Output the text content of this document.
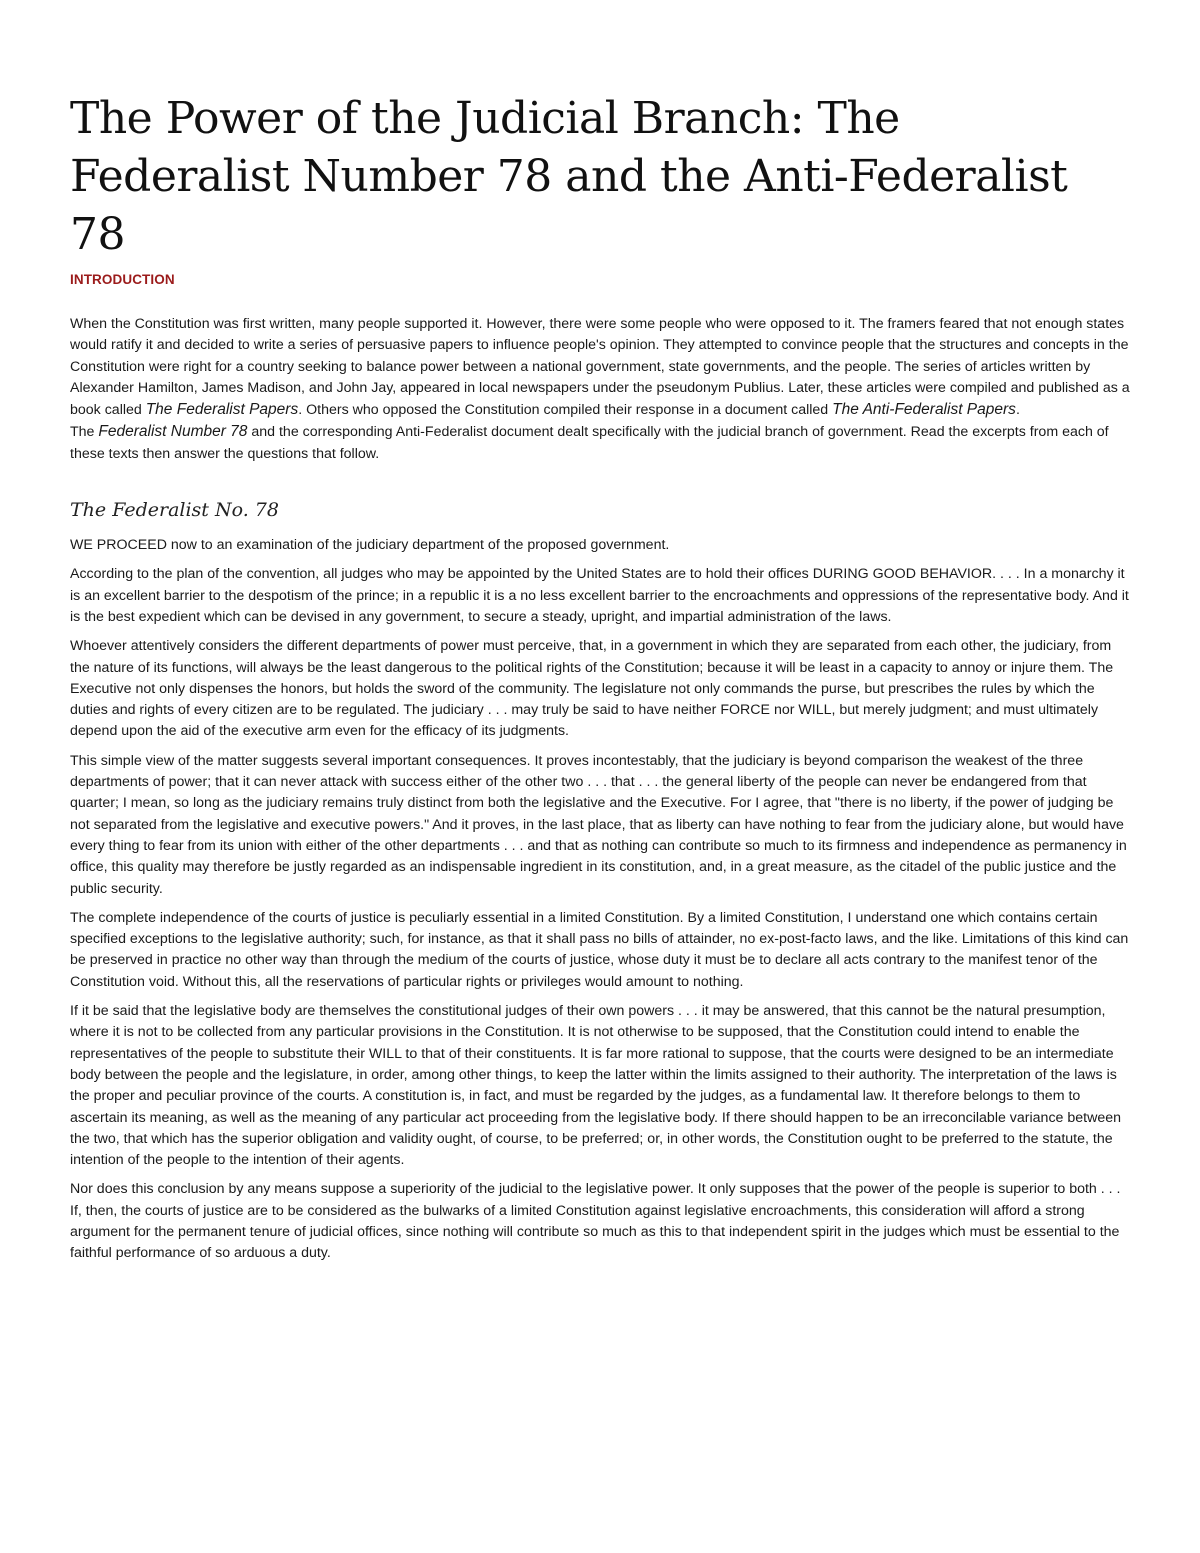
The Power of the Judicial Branch: The Federalist Number 78 and the Anti-Federalist 78
INTRODUCTION

When the Constitution was first written, many people supported it. However, there were some people who were opposed to it. The framers feared that not enough states would ratify it and decided to write a series of persuasive papers to influence people's opinion. They attempted to convince people that the structures and concepts in the Constitution were right for a country seeking to balance power between a national government, state governments, and the people. The series of articles written by Alexander Hamilton, James Madison, and John Jay, appeared in local newspapers under the pseudonym Publius. Later, these articles were compiled and published as a book called The Federalist Papers. Others who opposed the Constitution compiled their response in a document called The Anti-Federalist Papers.
The Federalist Number 78 and the corresponding Anti-Federalist document dealt specifically with the judicial branch of government. Read the excerpts from each of these texts then answer the questions that follow.

The Federalist No. 78

WE PROCEED now to an examination of the judiciary department of the proposed government.

According to the plan of the convention, all judges who may be appointed by the United States are to hold their offices DURING GOOD BEHAVIOR. . . . In a monarchy it is an excellent barrier to the despotism of the prince; in a republic it is a no less excellent barrier to the encroachments and oppressions of the representative body. And it is the best expedient which can be devised in any government, to secure a steady, upright, and impartial administration of the laws.

Whoever attentively considers the different departments of power must perceive, that, in a government in which they are separated from each other, the judiciary, from the nature of its functions, will always be the least dangerous to the political rights of the Constitution; because it will be least in a capacity to annoy or injure them. The Executive not only dispenses the honors, but holds the sword of the community. The legislature not only commands the purse, but prescribes the rules by which the duties and rights of every citizen are to be regulated. The judiciary . . . may truly be said to have neither FORCE nor WILL, but merely judgment; and must ultimately depend upon the aid of the executive arm even for the efficacy of its judgments.

This simple view of the matter suggests several important consequences. It proves incontestably, that the judiciary is beyond comparison the weakest of the three departments of power; that it can never attack with success either of the other two . . . that . . . the general liberty of the people can never be endangered from that quarter; I mean, so long as the judiciary remains truly distinct from both the legislative and the Executive. For I agree, that "there is no liberty, if the power of judging be not separated from the legislative and executive powers." And it proves, in the last place, that as liberty can have nothing to fear from the judiciary alone, but would have every thing to fear from its union with either of the other departments . . . and that as nothing can contribute so much to its firmness and independence as permanency in office, this quality may therefore be justly regarded as an indispensable ingredient in its constitution, and, in a great measure, as the citadel of the public justice and the public security.

The complete independence of the courts of justice is peculiarly essential in a limited Constitution. By a limited Constitution, I understand one which contains certain specified exceptions to the legislative authority; such, for instance, as that it shall pass no bills of attainder, no ex-post-facto laws, and the like. Limitations of this kind can be preserved in practice no other way than through the medium of the courts of justice, whose duty it must be to declare all acts contrary to the manifest tenor of the Constitution void. Without this, all the reservations of particular rights or privileges would amount to nothing.

If it be said that the legislative body are themselves the constitutional judges of their own powers . . . it may be answered, that this cannot be the natural presumption, where it is not to be collected from any particular provisions in the Constitution. It is not otherwise to be supposed, that the Constitution could intend to enable the representatives of the people to substitute their WILL to that of their constituents. It is far more rational to suppose, that the courts were designed to be an intermediate body between the people and the legislature, in order, among other things, to keep the latter within the limits assigned to their authority. The interpretation of the laws is the proper and peculiar province of the courts. A constitution is, in fact, and must be regarded by the judges, as a fundamental law. It therefore belongs to them to ascertain its meaning, as well as the meaning of any particular act proceeding from the legislative body. If there should happen to be an irreconcilable variance between the two, that which has the superior obligation and validity ought, of course, to be preferred; or, in other words, the Constitution ought to be preferred to the statute, the intention of the people to the intention of their agents.

Nor does this conclusion by any means suppose a superiority of the judicial to the legislative power. It only supposes that the power of the people is superior to both . . . If, then, the courts of justice are to be considered as the bulwarks of a limited Constitution against legislative encroachments, this consideration will afford a strong argument for the permanent tenure of judicial offices, since nothing will contribute so much as this to that independent spirit in the judges which must be essential to the faithful performance of so arduous a duty.
